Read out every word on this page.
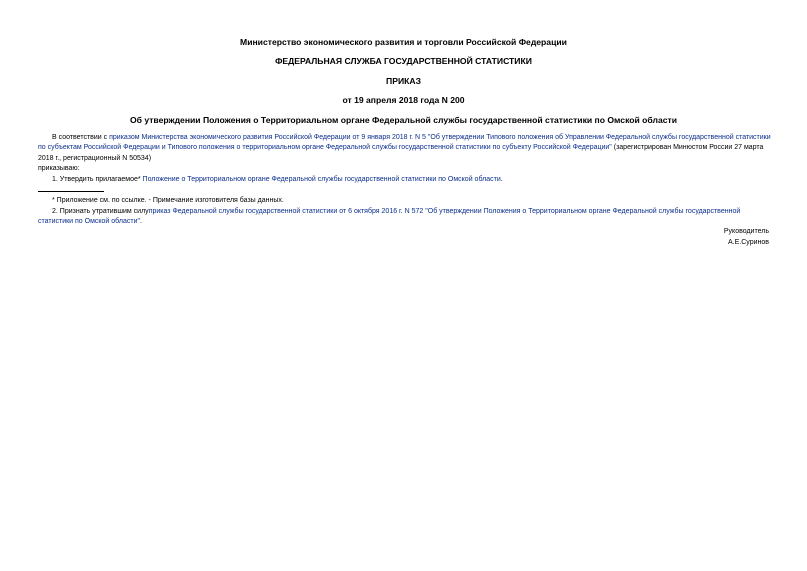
Министерство экономического развития и торговли Российской Федерации
ФЕДЕРАЛЬНАЯ СЛУЖБА ГОСУДАРСТВЕННОЙ СТАТИСТИКИ
ПРИКАЗ
от 19 апреля 2018 года N 200
Об утверждении Положения о Территориальном органе Федеральной службы государственной статистики по Омской области

В соответствии с приказом Министерства экономического развития Российской Федерации от 9 января 2018 г. N 5 "Об утверждении Типового положения об Управлении Федеральной службы государственной статистики по субъектам Российской Федерации и Типового положения о территориальном органе Федеральной службы государственной статистики по субъекту Российской Федерации" (зарегистрирован Минюстом России 27 марта 2018 г., регистрационный N 50534)

приказываю:

1. Утвердить прилагаемое* Положение о Территориальном органе Федеральной службы государственной статистики по Омской области.

* Приложение см. по ссылке. - Примечание изготовителя базы данных.

2. Признать утратившим силуприказ Федеральной службы государственной статистики от 6 октября 2016 г. N 572 "Об утверждении Положения о Территориальном органе Федеральной службы государственной статистики по Омской области".

Руководитель
А.Е.Суринов
